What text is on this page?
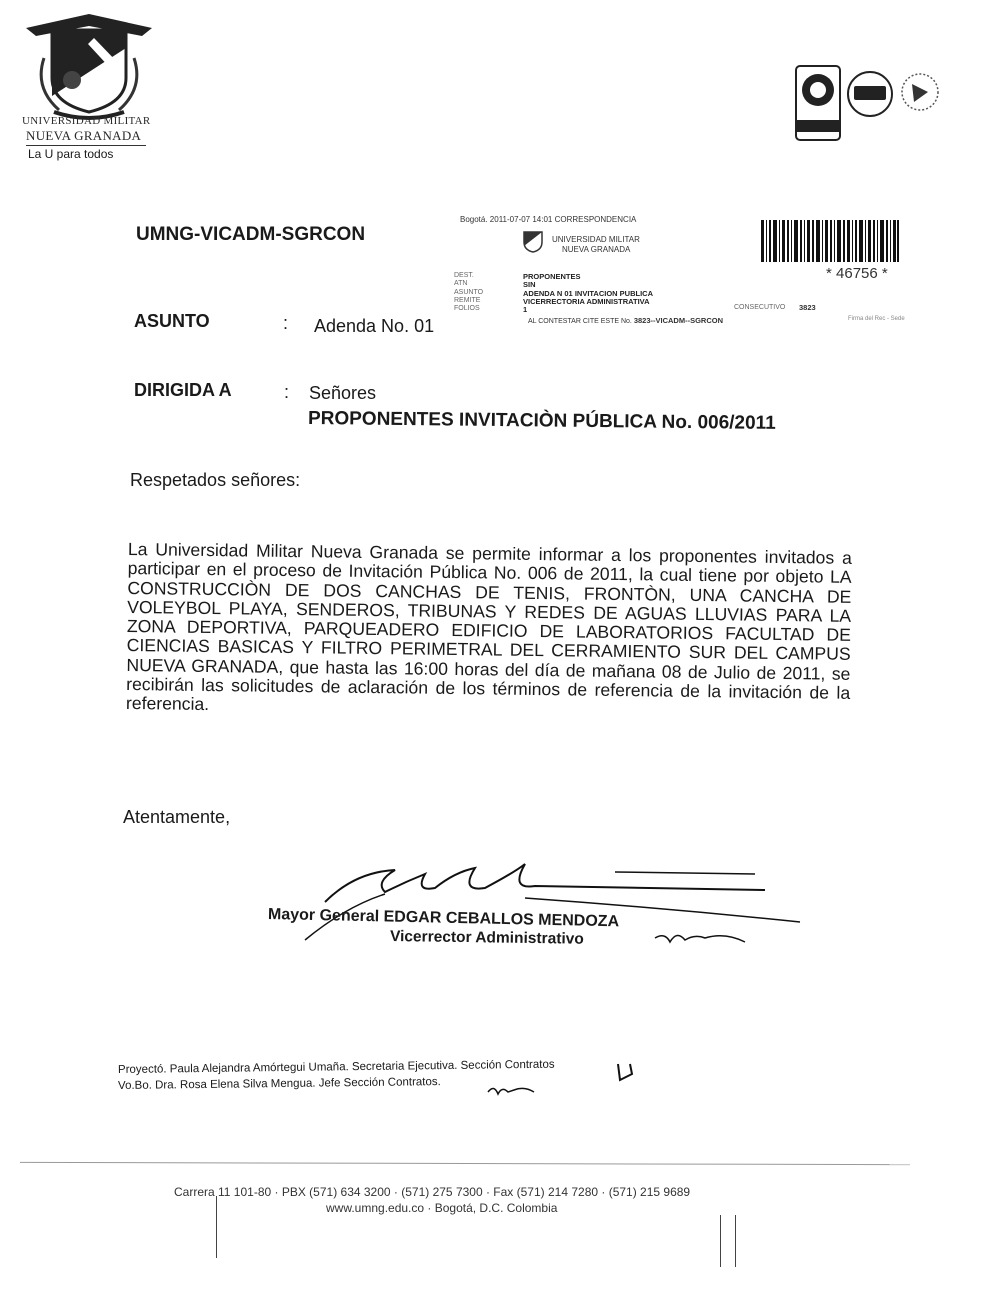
UNIVERSIDAD MILITAR
NUEVA GRANADA
La U para todos
UMNG-VICADM-SGRCON
Bogotá. 2011-07-07 14:01 CORRESPONDENCIA
UNIVERSIDAD MILITAR
NUEVA GRANADA
* 46756 *
DEST.	PROPONENTES
ATN	SIN
ASUNTO	ADENDA N 01 INVITACION PUBLICA
REMITE	VICERRECTORIA ADMINISTRATIVA
FOLIOS	1	CONSECUTIVO 3823
AL CONTESTAR CITE ESTE No. 3823--VICADM--SGRCON	Firma del Rec - Sede
ASUNTO	: Adenda No. 01
DIRIGIDA A	: Señores
PROPONENTES INVITACIÒN PÚBLICA No. 006/2011
Respetados señores:
La Universidad Militar Nueva Granada se permite informar a los proponentes invitados a participar en el proceso de Invitación Pública No. 006 de 2011, la cual tiene por objeto LA CONSTRUCCIÒN DE DOS CANCHAS DE TENIS, FRONTÒN, UNA CANCHA DE VOLEYBOL PLAYA, SENDEROS, TRIBUNAS Y REDES DE AGUAS LLUVIAS PARA LA ZONA DEPORTIVA, PARQUEADERO EDIFICIO DE LABORATORIOS FACULTAD DE CIENCIAS BASICAS Y FILTRO PERIMETRAL DEL CERRAMIENTO SUR DEL CAMPUS NUEVA GRANADA, que hasta las 16:00 horas del día de mañana 08 de Julio de 2011, se recibirán las solicitudes de aclaración de los términos de referencia de la invitación de la referencia.
Atentamente,
Mayor General EDGAR CEBALLOS MENDOZA
Vicerrector Administrativo
Proyectó. Paula Alejandra Amórtegui Umaña. Secretaria Ejecutiva. Sección Contratos
Vo.Bo. Dra. Rosa Elena Silva Mengua. Jefe Sección Contratos.
Carrera 11 101-80 · PBX (571) 634 3200 · (571) 275 7300 · Fax (571) 214 7280 · (571) 215 9689
www.umng.edu.co · Bogotá, D.C. Colombia
